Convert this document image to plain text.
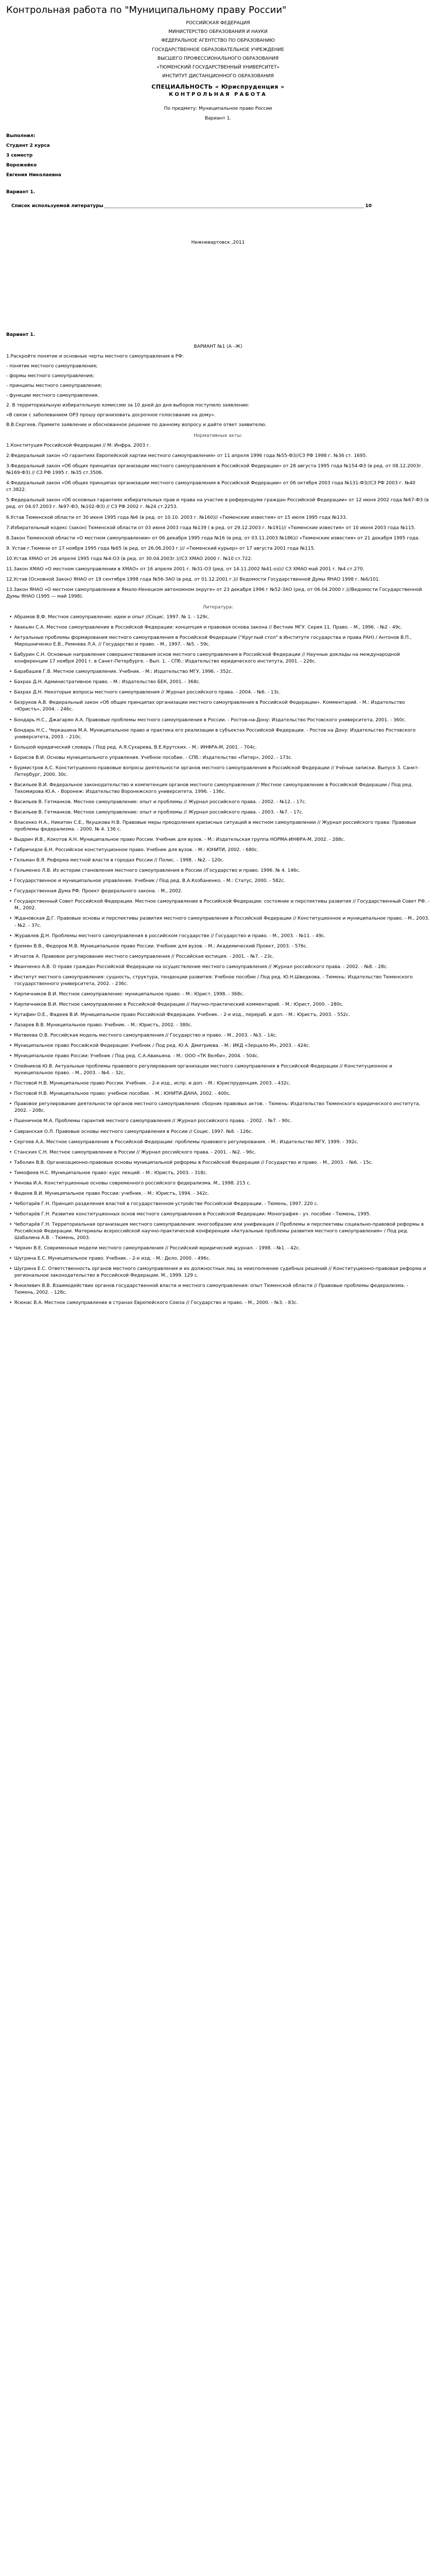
Контрольная работа по "Муниципальному праву России"
РОССИЙСКАЯ ФЕДЕРАЦИЯ
МИНИСТЕРСТВО ОБРАЗОВАНИЯ И НАУКИ
ФЕДЕРАЛЬНОЕ АГЕНТСТВО ПО ОБРАЗОВАНИЮ
ГОСУДАРСТВЕННОЕ ОБРАЗОВАТЕЛЬНОЕ УЧРЕЖДЕНИЕ
ВЫСШЕГО ПРОФЕССИОНАЛЬНОГО ОБРАЗОВАНИЯ
«ТЮМЕНСКИЙ ГОСУДАРСТВЕННЫЙ УНИВЕРСИТЕТ»
ИНСТИТУТ ДИСТАНЦИОННОГО ОБРАЗОВАНИЯ
СПЕЦИАЛЬНОСТЬ « Юриспруденция »
КОНТРОЛЬНАЯ РАБОТА
По предмету: Муниципальное право России
Вариант 1.
Выполнил:
Студент 2 курса
3 семестр
Ворожейко
Евгения Николаевна
Вариант 1.
Список используемой литературы	10
Нижневартовск ,2011
Вариант 1.
ВАРИАНТ №1 (А –Ж)
1.Раскройте понятие и основные черты местного самоуправления в РФ:
- понятие местного самоуправления;
- формы местного самоуправления;
- принципы местного самоуправления;
- функции местного самоуправления.
2. В территориальную избирательную комиссию за 10 дней до дня выборов поступило заявление:
«В связи с заболеванием ОРЗ прошу организовать досрочное голосование на дому».
В.В.Сергеев. Примите заявление и обоснованное решение по данному вопросу и дайте ответ заявителю.
Нормативные акты:
1.Конституция Российской Федерации // М: Инфра, 2003 г.
2.Федеральный закон «О гарантиях Европейской хартии местного самоуправления» от 11 апреля 1996 года №55-ФЗ//СЗ РФ 1998 г. №36 ст. 1695.
3.Федеральный закон «Об общих принципах организации местного самоуправления в Российской Федерации» от 28 августа 1995 года №154-ФЗ (в ред. от 08.12.2003г. №169-ФЗ) // СЗ РФ 1995 г. №35 ст.3506.
4.Федеральный закон «Об общих принципах организации местного самоуправления в Российской Федерации» от 06 октября 2003 года №131-ФЗ//СЗ РФ 2003 г. №40 ст.3822.
5.Федеральный закон «Об основных гарантиях избирательных прав и права на участие в референдуме граждан Российской Федерации» от 12 июня 2002 года №67-ФЗ (в ред. от 04.07.2003 г. №97-ФЗ, №102-ФЗ) // СЗ РФ 2002 г. №24 ст.2253.
6.Устав Тюменской области от 30 июня 1995 года №6 (в ред. от 10.10. 2003 г. №160)// «Тюменские известия» от 15 июля 1995 года №133.
7.Избирательный кодекс (закон) Тюменской области от 03 июня 2003 года №139 ( в ред. от 29.12.2003 г. №191)// «Тюменские известия» от 10 июня 2003 года №115.
8.Закон Тюменской области «О местном самоуправлении» от 06 декабря 1995 года №16 (в ред. от 03.11.2003 №186)// «Тюменские известия» от 21 декабря 1995 года.
9. Устав г.Тюмени от 17 ноября 1995 года №65 (в ред. от 26.06.2003 г.)// «Тюменский курьер» от 17 августа 2001 года №115.
10.Устав ХМАО от 26 апреля 1995 года №4-ОЗ (в ред. от 30.04.2003г.)//СЗ ХМАО 2000 г. №10 ст.722.
11.Закон ХМАО «О местном самоуправлении в ХМАО» от 16 апреля 2001 г. №31-ОЗ (ред. от 14.11.2002 №41-оз)// СЗ ХМАО май 2001 г. №4 ст.270.
12.Устав (Основной Закон) ЯНАО от 19 сентября 1998 года №56-ЗАО (в ред. от 01.12.2001 г.)// Ведомости Государственной Думы ЯНАО 1998 г. №6/101.
13.Закон ЯНАО «О местном самоуправлении в Ямало-Ненецком автономном округе» от 23 декабря 1996 г №52-ЗАО (ред. от 06.04.2000 г.)//Ведомости Государственной Думы ЯНАО (1995 — май 1998).
Литература:
• Абрамов В.Ф. Местное самоуправление: идеи и опыт //Социс. 1997. № 1. - 129с.
• Авакьян С.А. Местное самоуправление в Российской Федерации: концепция и правовая основа закона // Вестник МГУ. Серия 11. Право. - М., 1996. - №2 - 49с.
• Актуальные проблемы формирования местного самоуправления в Российской Федерации ("Круглый стол" в Институте государства и права РАН) / Антонов В.П., Мирошниченко Е.В., Ремнева Л.А. // Государство и право. - М., 1997. - №5. - 59с.
• Бабурин С.Н. Основные направления совершенствования основ местного самоуправления в Российской Федерации // Научные доклады на международной конференции 17 ноября 2001 г. в Санкт-Петербурге. - Вып. 1. - СПб.: Издательство юридического института, 2001. - 226с.
• Барабашев Г.В. Местное самоуправление. Учебник. - М.: Издательство МГУ, 1996. - 352с.
• Бахрах Д.Н. Административное право. - М.: Издательство БЕК, 2001. - 368с.
• Бахрах Д.Н. Некоторые вопросы местного самоуправления // Журнал российского права. - 2004. - №6. - 13с.
• Безруков А.В. Федеральный закон «Об общих принципах организации местного самоуправления в Российской Федерации». Комментарий. - М.: Издательство «Юристъ», 2004. - 246с.
• Бондарь Н.С., Джагарян А.А. Правовые проблемы местного самоуправления в России. - Ростов-на-Дону: Издательство Ростовского университета, 2001. - 360с.
• Бондарь Н.С., Черкашина М.А. Муниципальное право и практика его реализации в субъектах Российской Федерации. - Ростов на Дону: Издательство Ростовского университета, 2003. - 210с.
• Большой юридический словарь / Под ред. А.Я.Сухарева, В.Е.Крутских. - М.: ИНФРА-М, 2001. - 704с.
• Борисов В.И. Основы муниципального управления. Учебное пособие. - СПб.: Издательство «Питер», 2002. - 173с.
• Бурмистров А.С. Конституционно-правовые вопросы деятельности органов местного самоуправления в Российской Федерации // Учёные записки. Выпуск 3. Санкт-Петербург, 2000. 30с.
• Васильев В.И. Федеральное законодательство и компетенция органов местного самоуправления // Местное самоуправление в Российской Федерации / Под ред. Тихомирова Ю.А. - Воронеж: Издательство Воронежского университета, 1996. - 136с.
• Васильев В. Гетманков. Местное самоуправление: опыт и проблемы // Журнал российского права. - 2002. - №12. - 17с.
• Васильев В. Гетманков. Местное самоуправление: опыт и проблемы // Журнал российского права. - 2003. - №7. - 17с.
• Власенко Н.А., Никитин С.Е., Якушкова Н.В. Правовые меры преодоления кризисных ситуаций в местном самоуправлении // Журнал российского права: Правовые проблемы федерализма. - 2000. № 4. 136 с.
• Выдрин И.В., Кокотов А.Н. Муниципальное право России. Учебник для вузов. - М.: Издательская группа НОРМА-ИНФРА-М, 2002. - 288с.
• Габричидзе Б.Н. Российское конституционное право. Учебник для вузов. - М.: ЮНИТИ, 2002. - 680с.
• Гельман В.Я. Реформа местной власти в городах России // Полис. - 1998. - №2. - 120с.
• Гельменко Л.В. Из истории становления местного самоуправления в России //Государство и право. 1996. № 4. 146с.
• Государственное и муниципальное управление. Учебник / Под ред. В.А.Козбаненко. - М.: Статус, 2000. - 582с.
• Государственная Дума РФ. Проект федерального закона. - М., 2002.
• Государственный Совет Российской Федерации. Местное самоуправление в Российской Федерации: состояние и перспективы развития // Государственный Совет РФ. - М., 2002.
• Ждановская Д.Г. Правовые основы и перспективы развития местного самоуправления в Российской Федерации // Конституционное и муниципальное право. - М., 2003. - №2. - 37с.
• Журавлев Д.Н. Проблемы местного самоуправления в российском государстве // Государство и право. - М., 2003. - №11. - 49с.
• Еремян В.В., Федоров М.В. Муниципальное право России. Учебник для вузов. - М.: Академический Проект, 2003. - 576с.
• Игнатов А. Правовое регулирование местного самоуправления // Российская юстиция. - 2001. - №7. - 23с.
• Иванченко А.В. О праве граждан Российской Федерации на осуществление местного самоуправления // Журнал российского права. - 2002. - №8. - 28с.
• Институт местного самоуправления: сущность, структура, тенденции развития: Учебное пособие / Под ред. Ю.Н.Шведкова. - Тюмень: Издательство Тюменского государственного университета, 2002. - 236с.
• Кирпичников В.И. Местное самоуправление: муниципальное право. - М.: Юрист, 1998. - 368с.
• Кирпичников В.И. Местное самоуправление в Российской Федерации // Научно-практический комментарий. - М.: Юрист, 2000. - 280с.
• Кутафин О.Е., Фадеев В.И. Муниципальное право Российской Федерации. Учебник. - 2-е изд., перераб. и доп. - М.: Юристъ, 2003. - 552с.
• Лазарев В.В. Муниципальное право. Учебник. - М.: Юристъ, 2002. - 380с.
• Матвеева О.В. Российская модель местного самоуправления // Государство и право. - М., 2003. - №3. - 14с.
• Муниципальное право Российской Федерации: Учебник / Под ред. Ю.А. Дмитриева. - М.: ИКД «Зерцало-М», 2003. - 424с.
• Муниципальное право России: Учебник / Под ред. С.А.Авакьяна. - М.: ООО «ТК Велби», 2004. - 504с.
• Олейников Ю.В. Актуальные проблемы правового регулирования организации местного самоуправления в Российской Федерации // Конституционное и муниципальное право. - М., 2003. - №4. - 32с.
• Постовой Н.В. Муниципальное право России. Учебник. - 2-е изд., испр. и доп. - М.: Юриспруденция, 2003. - 432с.
• Постовой Н.В. Муниципальное право: учебное пособие. - М.: ЮНИТИ-ДАНА, 2002. - 400с.
• Правовое регулирование деятельности органов местного самоуправления: сборник правовых актов. - Тюмень: Издательство Тюменского юридического института, 2002. - 208с.
• Пшеничнов М.А. Проблемы гарантий местного самоуправления // Журнал российского права. - 2002. - №7. - 90с.
• Савранская О.Л. Правовые основы местного самоуправления в России // Социс. 1997. №8. - 126с.
• Сергеев А.А. Местное самоуправление в Российской Федерации: проблемы правового регулирования. - М.: Издательство МГУ, 1999. - 392с.
• Станских С.Н. Местное самоуправление в России // Журнал российского права. - 2001. - №2. - 96с.
• Таболин В.В. Организационно-правовые основы муниципальной реформы в Российской Федерации // Государство и право. - М., 2003. - №6. - 15с.
• Тимофеев Н.С. Муниципальное право: курс лекций. - М.: Юристъ, 2003. - 318с.
• Умнова И.А. Конституционные основы современного российского федерализма. М., 1998. 215 с.
• Фадеев В.И. Муниципальное право России: учебник. - М.: Юристъ, 1994. - 342с.
• Чеботарёв Г.Н. Принцип разделения властей в государственном устройстве Российской Федерации. - Тюмень, 1997. 220 с.
• Чеботарёв Г.Н. Развитие конституционных основ местного самоуправления в Российской Федерации: Монография - уч. пособие - Тюмень, 1995.
• Чеботарёв Г.Н. Территориальная организация местного самоуправления: многообразие или унификация // Проблемы и перспективы социально-правовой реформы в Российской Федерации. Материалы всероссийской научно-практической конференции «Актуальные проблемы развития местного самоуправления» / Под ред. Шабалина А.В. - Тюмень, 2003.
• Чиркин В.Е. Современные модели местного самоуправления // Российский юридический журнал. - 1998. - №1. - 42с.
• Шугрина Е.С. Муниципальное право. Учебник. - 2-е изд. - М.: Дело, 2000. - 496с.
• Шугрина Е.С. Ответственность органов местного самоуправления и их должностных лиц за неисполнение судебных решений // Конституционно-правовая реформа и региональное законодательство в Российской Федерации. М., 1999. 129 с.
• Янкилевич В.В. Взаимодействие органов государственной власти и местного самоуправления: опыт Тюменской области // Правовые проблемы федерализма. - Тюмень, 2002. - 128с.
• Ясюнас В.А. Местное самоуправление в странах Европейского Союза // Государство и право. - М., 2000. - №3. - 83с.
